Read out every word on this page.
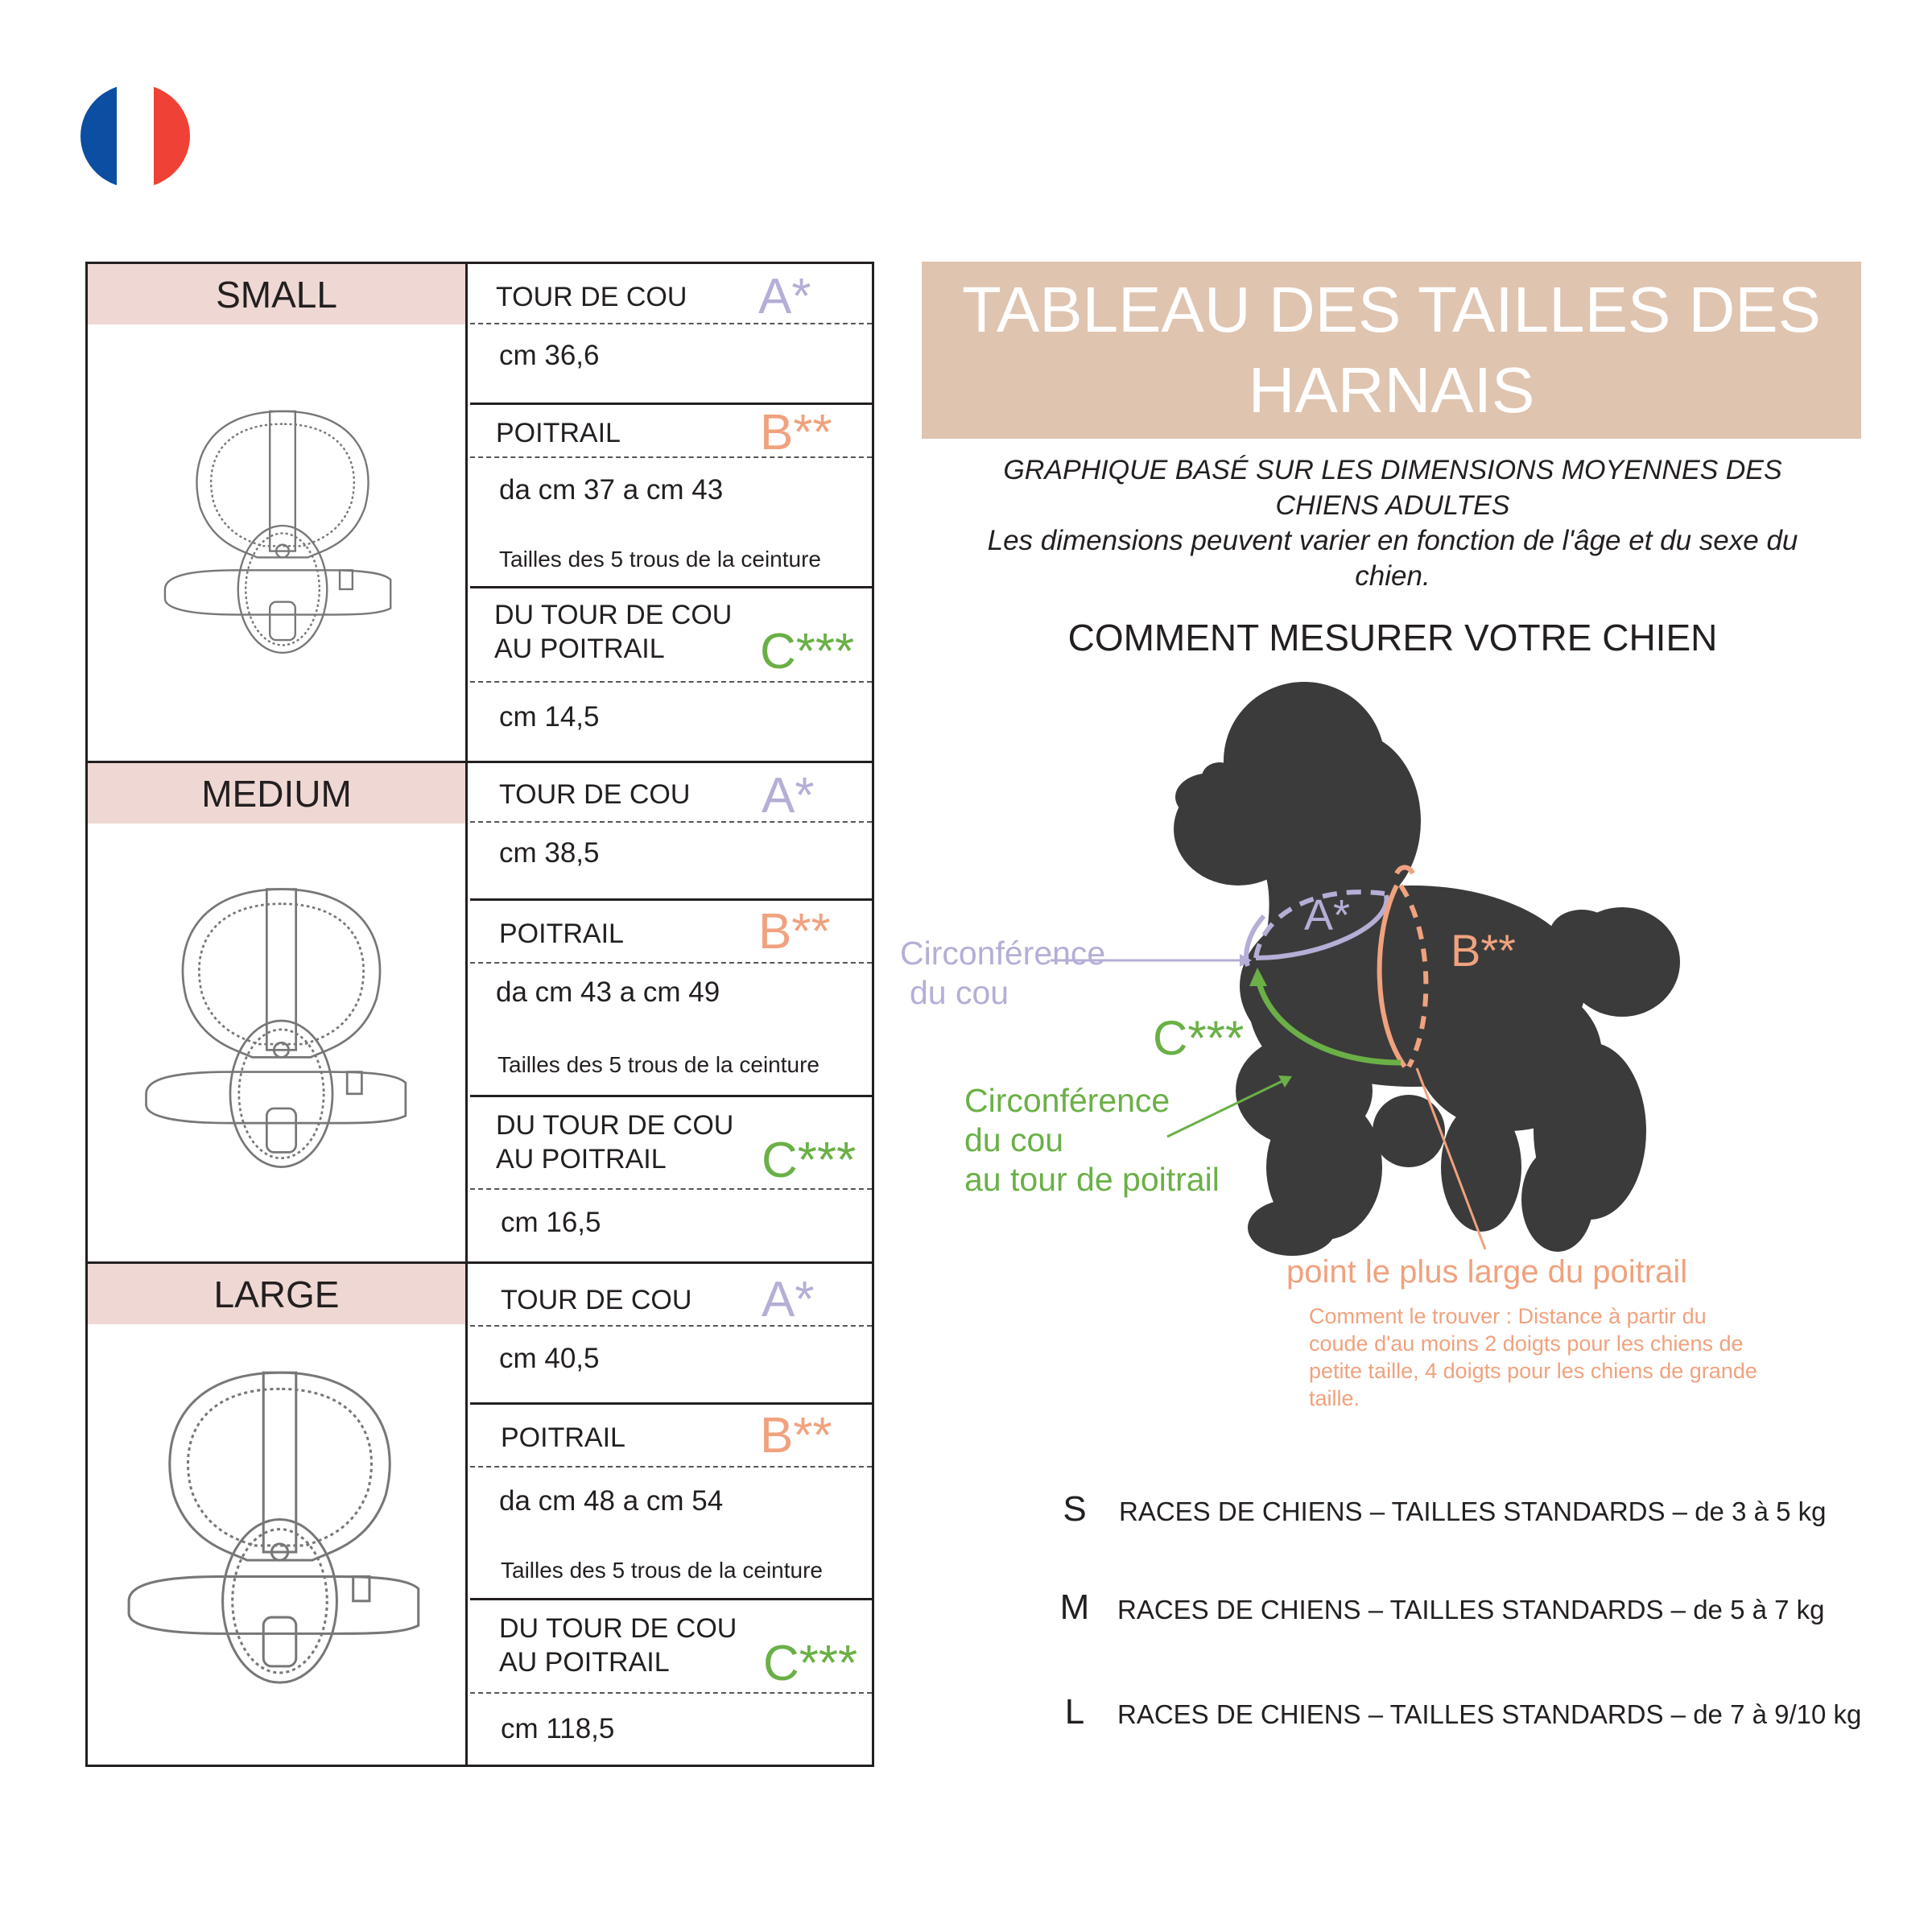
SMALL	TOUR DE COU A*
cm 36,6
POITRAIL	B**
da cm 37 a cm 43
Tailles des 5 trous de la ceinture
DU TOUR DE COU
AU POITRAIL C***
cm 14,5
MEDIUM	TOUR DE COU A*
cm 38,5
POITRAIL	B**
da cm 43 a cm 49
Tailles des 5 trous de la ceinture
DU TOUR DE COU
AU POITRAIL C***
cm 16,5
LARGE	TOUR DE COU A*
cm 40,5
POITRAIL	B**
da cm 48 a cm 54
Tailles des 5 trous de la ceinture
DU TOUR DE COU
AU POITRAIL C***
cm 118,5
TABLEAU DES TAILLES DES HARNAIS
GRAPHIQUE BASÉ SUR LES DIMENSIONS MOYENNES DES CHIENS ADULTES
Les dimensions peuvent varier en fonction de l'âge et du sexe du chien.
COMMENT MESURER VOTRE CHIEN
A*
B**
C***
Circonférence
du cou
Circonférence
du cou
au tour de poitrail
point le plus large du poitrail
Comment le trouver : Distance à partir du coude d'au moins 2 doigts pour les chiens de petite taille, 4 doigts pour les chiens de grande taille.
S	RACES DE CHIENS – TAILLES STANDARDS – de 3 à 5 kg
M	RACES DE CHIENS – TAILLES STANDARDS – de 5 à 7 kg
L	RACES DE CHIENS – TAILLES STANDARDS – de 7 à 9/10 kg
